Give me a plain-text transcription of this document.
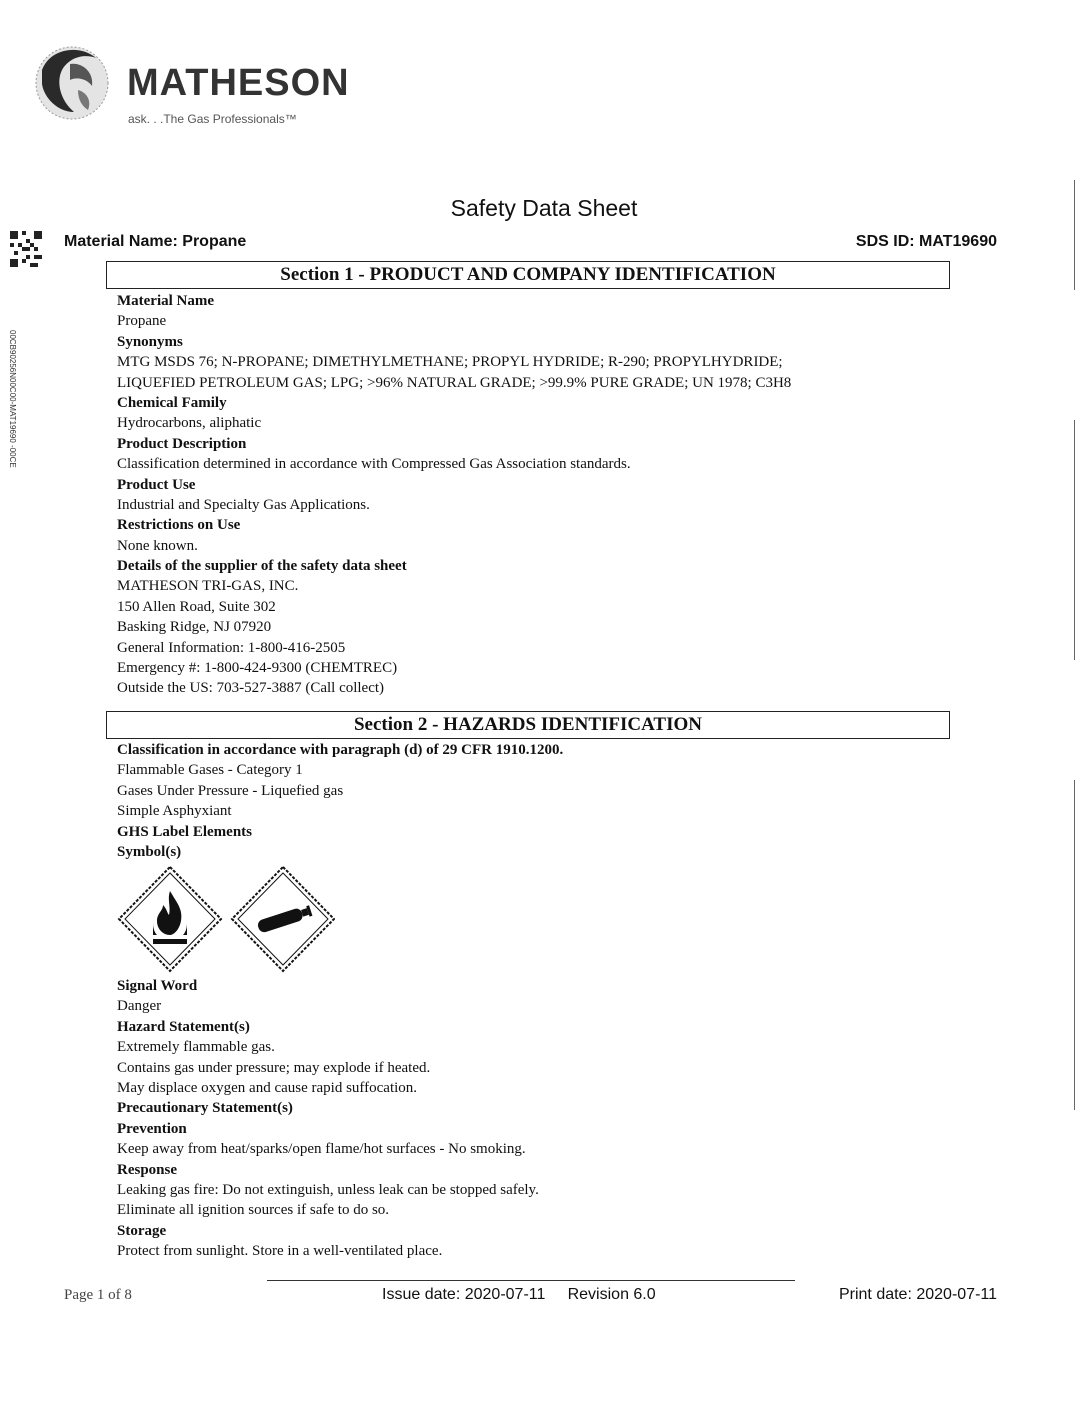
MATHESON
ask. . .The Gas Professionals™
Safety Data Sheet
00CB90256N00C00-MAT19690 -00CE
Material Name: Propane	SDS ID: MAT19690
Section 1 - PRODUCT AND COMPANY IDENTIFICATION
Material Name
Propane
Synonyms
MTG MSDS 76; N-PROPANE; DIMETHYLMETHANE; PROPYL HYDRIDE; R-290; PROPYLHYDRIDE;
LIQUEFIED PETROLEUM GAS; LPG; >96% NATURAL GRADE; >99.9% PURE GRADE; UN 1978; C3H8
Chemical Family
Hydrocarbons, aliphatic
Product Description
Classification determined in accordance with Compressed Gas Association standards.
Product Use
Industrial and Specialty Gas Applications.
Restrictions on Use
None known.
Details of the supplier of the safety data sheet
MATHESON TRI-GAS, INC.
150 Allen Road, Suite 302
Basking Ridge, NJ 07920
General Information: 1-800-416-2505
Emergency #: 1-800-424-9300 (CHEMTREC)
Outside the US: 703-527-3887 (Call collect)
Section 2 - HAZARDS IDENTIFICATION
Classification in accordance with paragraph (d) of 29 CFR 1910.1200.
Flammable Gases - Category 1
Gases Under Pressure - Liquefied gas
Simple Asphyxiant
GHS Label Elements
Symbol(s)
Signal Word
Danger
Hazard Statement(s)
Extremely flammable gas.
Contains gas under pressure; may explode if heated.
May displace oxygen and cause rapid suffocation.
Precautionary Statement(s)
Prevention
Keep away from heat/sparks/open flame/hot surfaces - No smoking.
Response
Leaking gas fire: Do not extinguish, unless leak can be stopped safely.
Eliminate all ignition sources if safe to do so.
Storage
Protect from sunlight. Store in a well-ventilated place.
Page 1 of 8	Issue date: 2020-07-11     Revision 6.0	Print date: 2020-07-11
